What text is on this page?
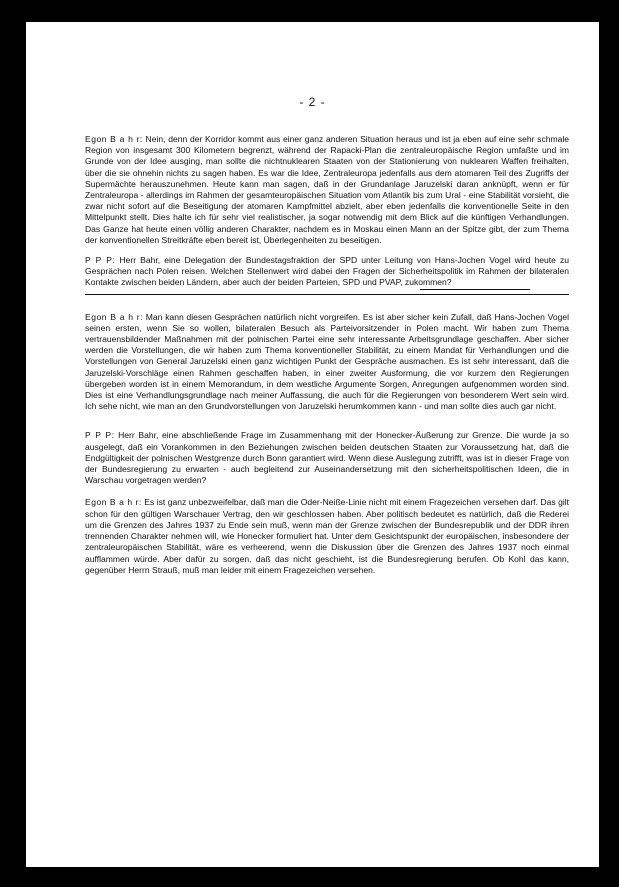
- 2 -

Egon B a h r: Nein, denn der Korridor kommt aus einer ganz anderen Situation heraus und ist ja eben auf eine sehr schmale Region von insgesamt 300 Kilometern begrenzt, während der Rapacki-Plan die zentraleuropäische Region umfaßte und im Grunde von der Idee ausging, man sollte die nichtnuklearen Staaten von der Stationierung von nuklearen Waffen freihalten, über die sie ohnehin nichts zu sagen haben. Es war die Idee, Zentraleuropa jedenfalls aus dem atomaren Teil des Zugriffs der Supermächte herauszunehmen. Heute kann man sagen, daß in der Grundanlage Jaruzelski daran anknüpft, wenn er für Zentraleuropa - allerdings im Rahmen der gesamteuropäischen Situation vom Atlantik bis zum Ural - eine Stabilität vorsieht, die zwar nicht sofort auf die Beseitigung der atomaren Kampfmittel abzielt, aber eben jedenfalls die konventionelle Seite in den Mittelpunkt stellt. Dies halte ich für sehr viel realistischer, ja sogar notwendig mit dem Blick auf die künftigen Verhandlungen. Das Ganze hat heute einen völlig anderen Charakter, nachdem es in Moskau einen Mann an der Spitze gibt, der zum Thema der konventionellen Streitkräfte eben bereit ist, Überlegenheiten zu beseitigen.

P P P: Herr Bahr, eine Delegation der Bundestagsfraktion der SPD unter Leitung von Hans-Jochen Vogel wird heute zu Gesprächen nach Polen reisen. Welchen Stellenwert wird dabei den Fragen der Sicherheitspolitik im Rahmen der bilateralen Kontakte zwischen beiden Ländern, aber auch der beiden Parteien, SPD und PVAP, zukommen?

Egon B a h r: Man kann diesen Gesprächen natürlich nicht vorgreifen. Es ist aber sicher kein Zufall, daß Hans-Jochen Vogel seinen ersten, wenn Sie so wollen, bilateralen Besuch als Parteivorsitzender in Polen macht. Wir haben zum Thema vertrauensbildender Maßnahmen mit der polnischen Partei eine sehr interessante Arbeitsgrundlage geschaffen. Aber sicher werden die Vorstellungen, die wir haben zum Thema konventioneller Stabilität, zu einem Mandat für Verhandlungen und die Vorstellungen von General Jaruzelski einen ganz wichtigen Punkt der Gespräche ausmachen. Es ist sehr interessant, daß die Jaruzelski-Vorschläge einen Rahmen geschaffen haben, in einer zweiter Ausformung, die vor kurzem den Regierungen übergeben worden ist in einem Memorandum, in dem westliche Argumente Sorgen, Anregungen aufgenommen worden sind. Dies ist eine Verhandlungsgrundlage nach meiner Auffassung, die auch für die Regierungen von besonderem Wert sein wird. Ich sehe nicht, wie man an den Grundvorstellungen von Jaruzelski herumkommen kann - und man sollte dies auch gar nicht.

P P P: Herr Bahr, eine abschließende Frage im Zusammenhang mit der Honecker-Äußerung zur Grenze. Die wurde ja so ausgelegt, daß ein Vorankommen in den Beziehungen zwischen beiden deutschen Staaten zur Voraussetzung hat, daß die Endgültigkeit der polnischen Westgrenze durch Bonn garantiert wird. Wenn diese Auslegung zutrifft, was ist in dieser Frage von der Bundesregierung zu erwarten - auch begleitend zur Auseinandersetzung mit den sicherheitspolitischen Ideen, die in Warschau vorgetragen werden?

Egon B a h r: Es ist ganz unbezweifelbar, daß man die Oder-Neiße-Linie nicht mit einem Fragezeichen versehen darf. Das gilt schon für den gültigen Warschauer Vertrag, den wir geschlossen haben. Aber politisch bedeutet es natürlich, daß die Rederei um die Grenzen des Jahres 1937 zu Ende sein muß, wenn man der Grenze zwischen der Bundesrepublik und der DDR ihren trennenden Charakter nehmen will, wie Honecker formuliert hat. Unter dem Gesichtspunkt der europäischen, insbesondere der zentraleuropäischen Stabilität, wäre es verheerend, wenn die Diskussion über die Grenzen des Jahres 1937 noch einmal aufflammen würde. Aber dafür zu sorgen, daß das nicht geschieht, ist die Bundesregierung berufen. Ob Kohl das kann, gegenüber Herrn Strauß, muß man leider mit einem Fragezeichen versehen.
